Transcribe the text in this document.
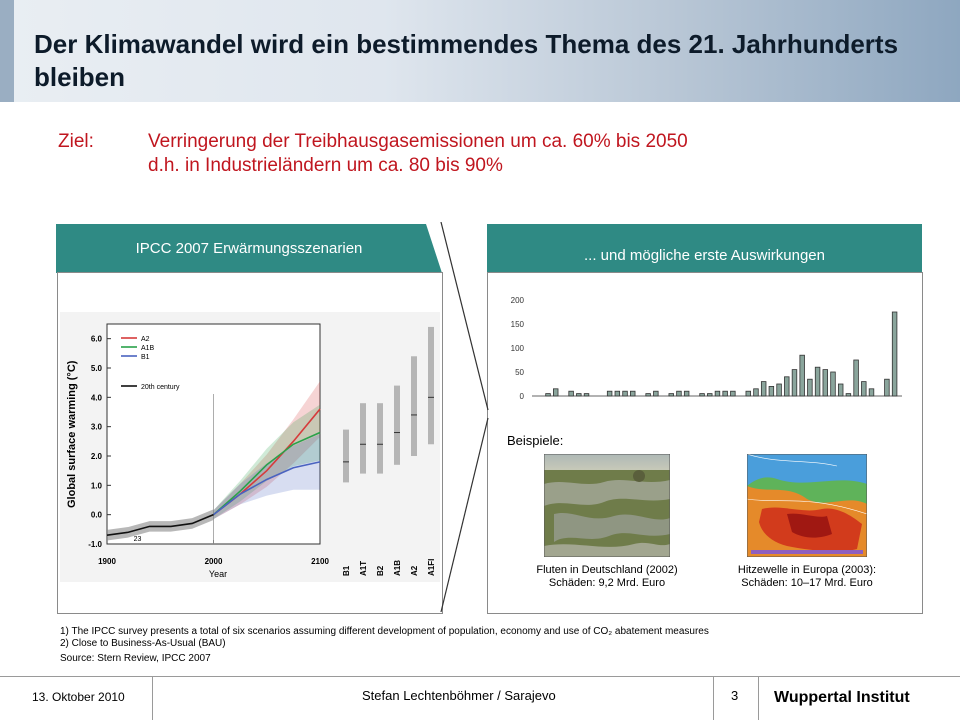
Der Klimawandel wird ein bestimmendes Thema des 21. Jahrhunderts bleiben
Ziel:	Verringerung der Treibhausgasemissionen um ca. 60% bis 2050
d.h. in Industrieländern um ca. 80 bis 90%
IPCC 2007 Erwärmungsszenarien	... und mögliche erste Auswirkungen
-1.0
0.0
1.0
2.0
3.0
4.0
5.0
6.0
1900	2000	2100
A2
A1B
B1
20th century
23
B1 A1T B2 A1B A2 A1FI
Global surface warming (°C)
Year
0
50
100
150
200
Beispiele:
Fluten in Deutschland (2002)
Schäden: 9,2 Mrd. Euro
Hitzewelle in Europa (2003):
Schäden: 10–17 Mrd. Euro
1) The IPCC survey presents a total of six scenarios assuming different development of population, economy and use of CO₂ abatement measures
2) Close to Business-As-Usual (BAU)
Source: Stern Review, IPCC 2007
13. Oktober 2010	Stefan Lechtenböhmer / Sarajevo	3 Wuppertal Institut
